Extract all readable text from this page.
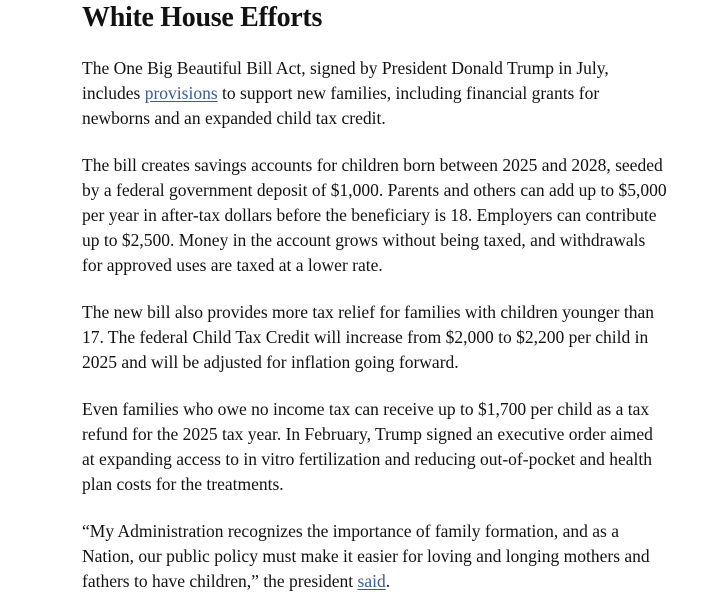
White House Efforts

The One Big Beautiful Bill Act, signed by President Donald Trump in July, includes provisions to support new families, including financial grants for newborns and an expanded child tax credit.

The bill creates savings accounts for children born between 2025 and 2028, seeded by a federal government deposit of $1,000. Parents and others can add up to $5,000 per year in after-tax dollars before the beneficiary is 18. Employers can contribute up to $2,500. Money in the account grows without being taxed, and withdrawals for approved uses are taxed at a lower rate.

The new bill also provides more tax relief for families with children younger than 17. The federal Child Tax Credit will increase from $2,000 to $2,200 per child in 2025 and will be adjusted for inflation going forward.

Even families who owe no income tax can receive up to $1,700 per child as a tax refund for the 2025 tax year. In February, Trump signed an executive order aimed at expanding access to in vitro fertilization and reducing out-of-pocket and health plan costs for the treatments.

“My Administration recognizes the importance of family formation, and as a Nation, our public policy must make it easier for loving and longing mothers and fathers to have children,” the president said.
